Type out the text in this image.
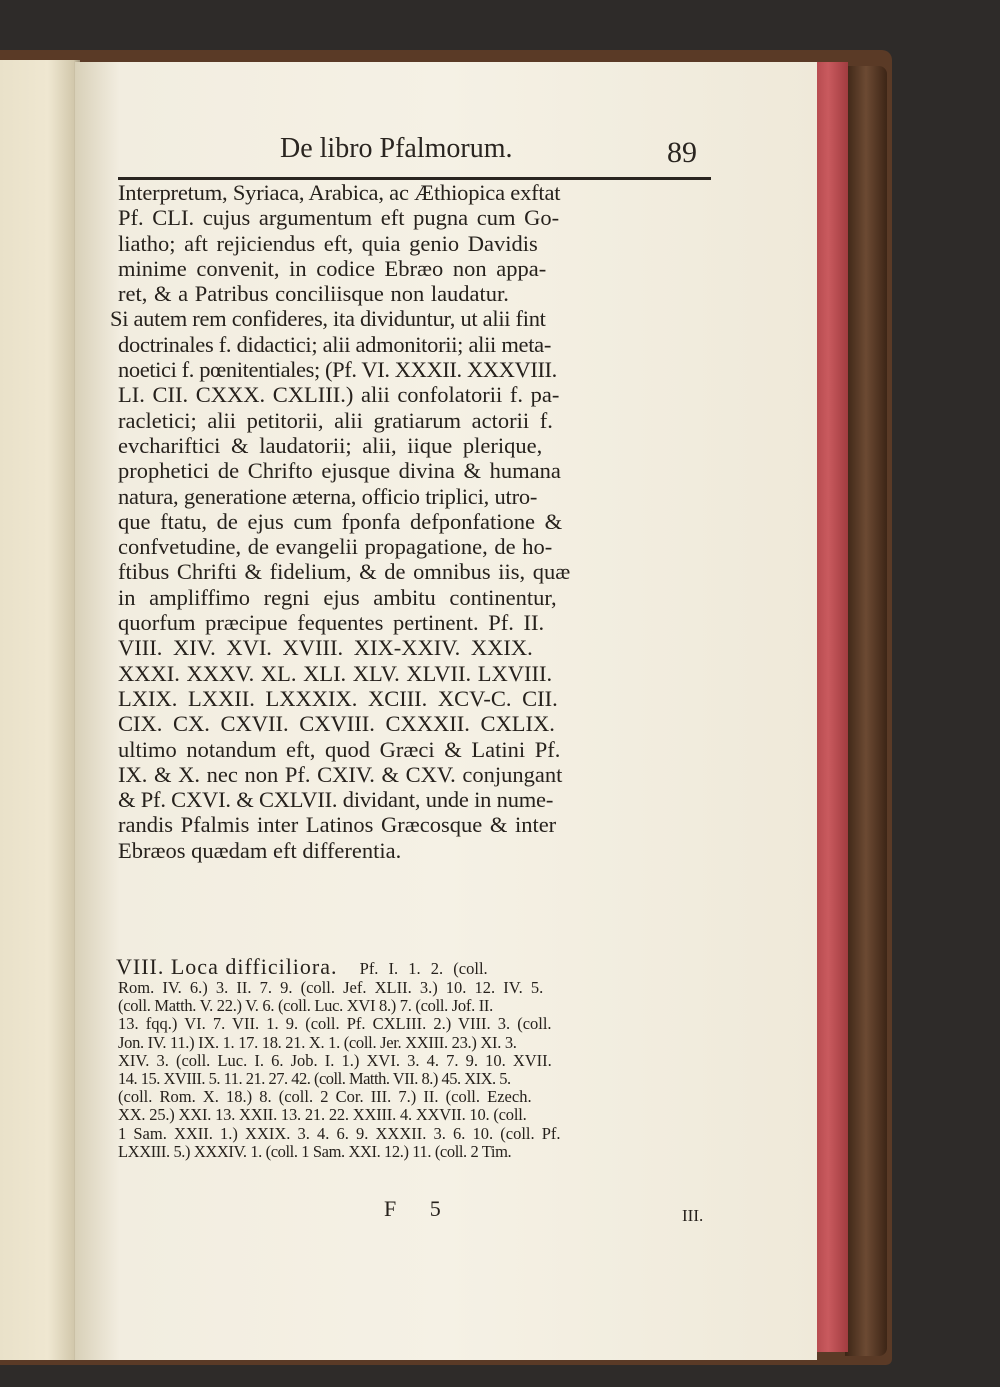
De libro Pfalmorum.	89
Interpretum, Syriaca, Arabica, ac Æthiopica exftat
Pf. CLI. cujus argumentum eft pugna cum Go-
liatho; aft rejiciendus eft, quia genio Davidis
minime convenit, in codice Ebræo non appa-
ret, & a Patribus conciliisque non laudatur.
Si autem rem confideres, ita dividuntur, ut alii fint
doctrinales f. didactici; alii admonitorii; alii meta-
noetici f. pœnitentiales; (Pf. VI. XXXII. XXXVIII.
LI. CII. CXXX. CXLIII.) alii confolatorii f. pa-
racletici; alii petitorii, alii gratiarum actorii f.
evchariftici & laudatorii; alii, iique plerique,
prophetici de Chrifto ejusque divina & humana
natura, generatione æterna, officio triplici, utro-
que ftatu, de ejus cum fponfa defponfatione &
confvetudine, de evangelii propagatione, de ho-
ftibus Chrifti & fidelium, & de omnibus iis, quæ
in ampliffimo regni ejus ambitu continentur,
quorfum præcipue fequentes pertinent. Pf. II.
VIII. XIV. XVI. XVIII. XIX-XXIV. XXIX.
XXXI. XXXV. XL. XLI. XLV. XLVII. LXVIII.
LXIX. LXXII. LXXXIX. XCIII. XCV-C. CII.
CIX. CX. CXVII. CXVIII. CXXXII. CXLIX.
ultimo notandum eft, quod Græci & Latini Pf.
IX. & X. nec non Pf. CXIV. & CXV. conjungant
& Pf. CXVI. & CXLVII. dividant, unde in nume-
randis Pfalmis inter Latinos Græcosque & inter
Ebræos quædam eft differentia.
VIII. Loca difficiliora. Pf. I. 1. 2. (coll.
Rom. IV. 6.) 3. II. 7. 9. (coll. Jef. XLII. 3.) 10. 12. IV. 5.
(coll. Matth. V. 22.) V. 6. (coll. Luc. XVI 8.) 7. (coll. Jof. II.
13. fqq.) VI. 7. VII. 1. 9. (coll. Pf. CXLIII. 2.) VIII. 3. (coll.
Jon. IV. 11.) IX. 1. 17. 18. 21. X. 1. (coll. Jer. XXIII. 23.) XI. 3.
XIV. 3. (coll. Luc. I. 6. Job. I. 1.) XVI. 3. 4. 7. 9. 10. XVII.
14. 15. XVIII. 5. 11. 21. 27. 42. (coll. Matth. VII. 8.) 45. XIX. 5.
(coll. Rom. X. 18.) 8. (coll. 2 Cor. III. 7.) II. (coll. Ezech.
XX. 25.) XXI. 13. XXII. 13. 21. 22. XXIII. 4. XXVII. 10. (coll.
1 Sam. XXII. 1.) XXIX. 3. 4. 6. 9. XXXII. 3. 6. 10. (coll. Pf.
LXXIII. 5.) XXXIV. 1. (coll. 1 Sam. XXI. 12.) 11. (coll. 2 Tim.
F 5	III.
